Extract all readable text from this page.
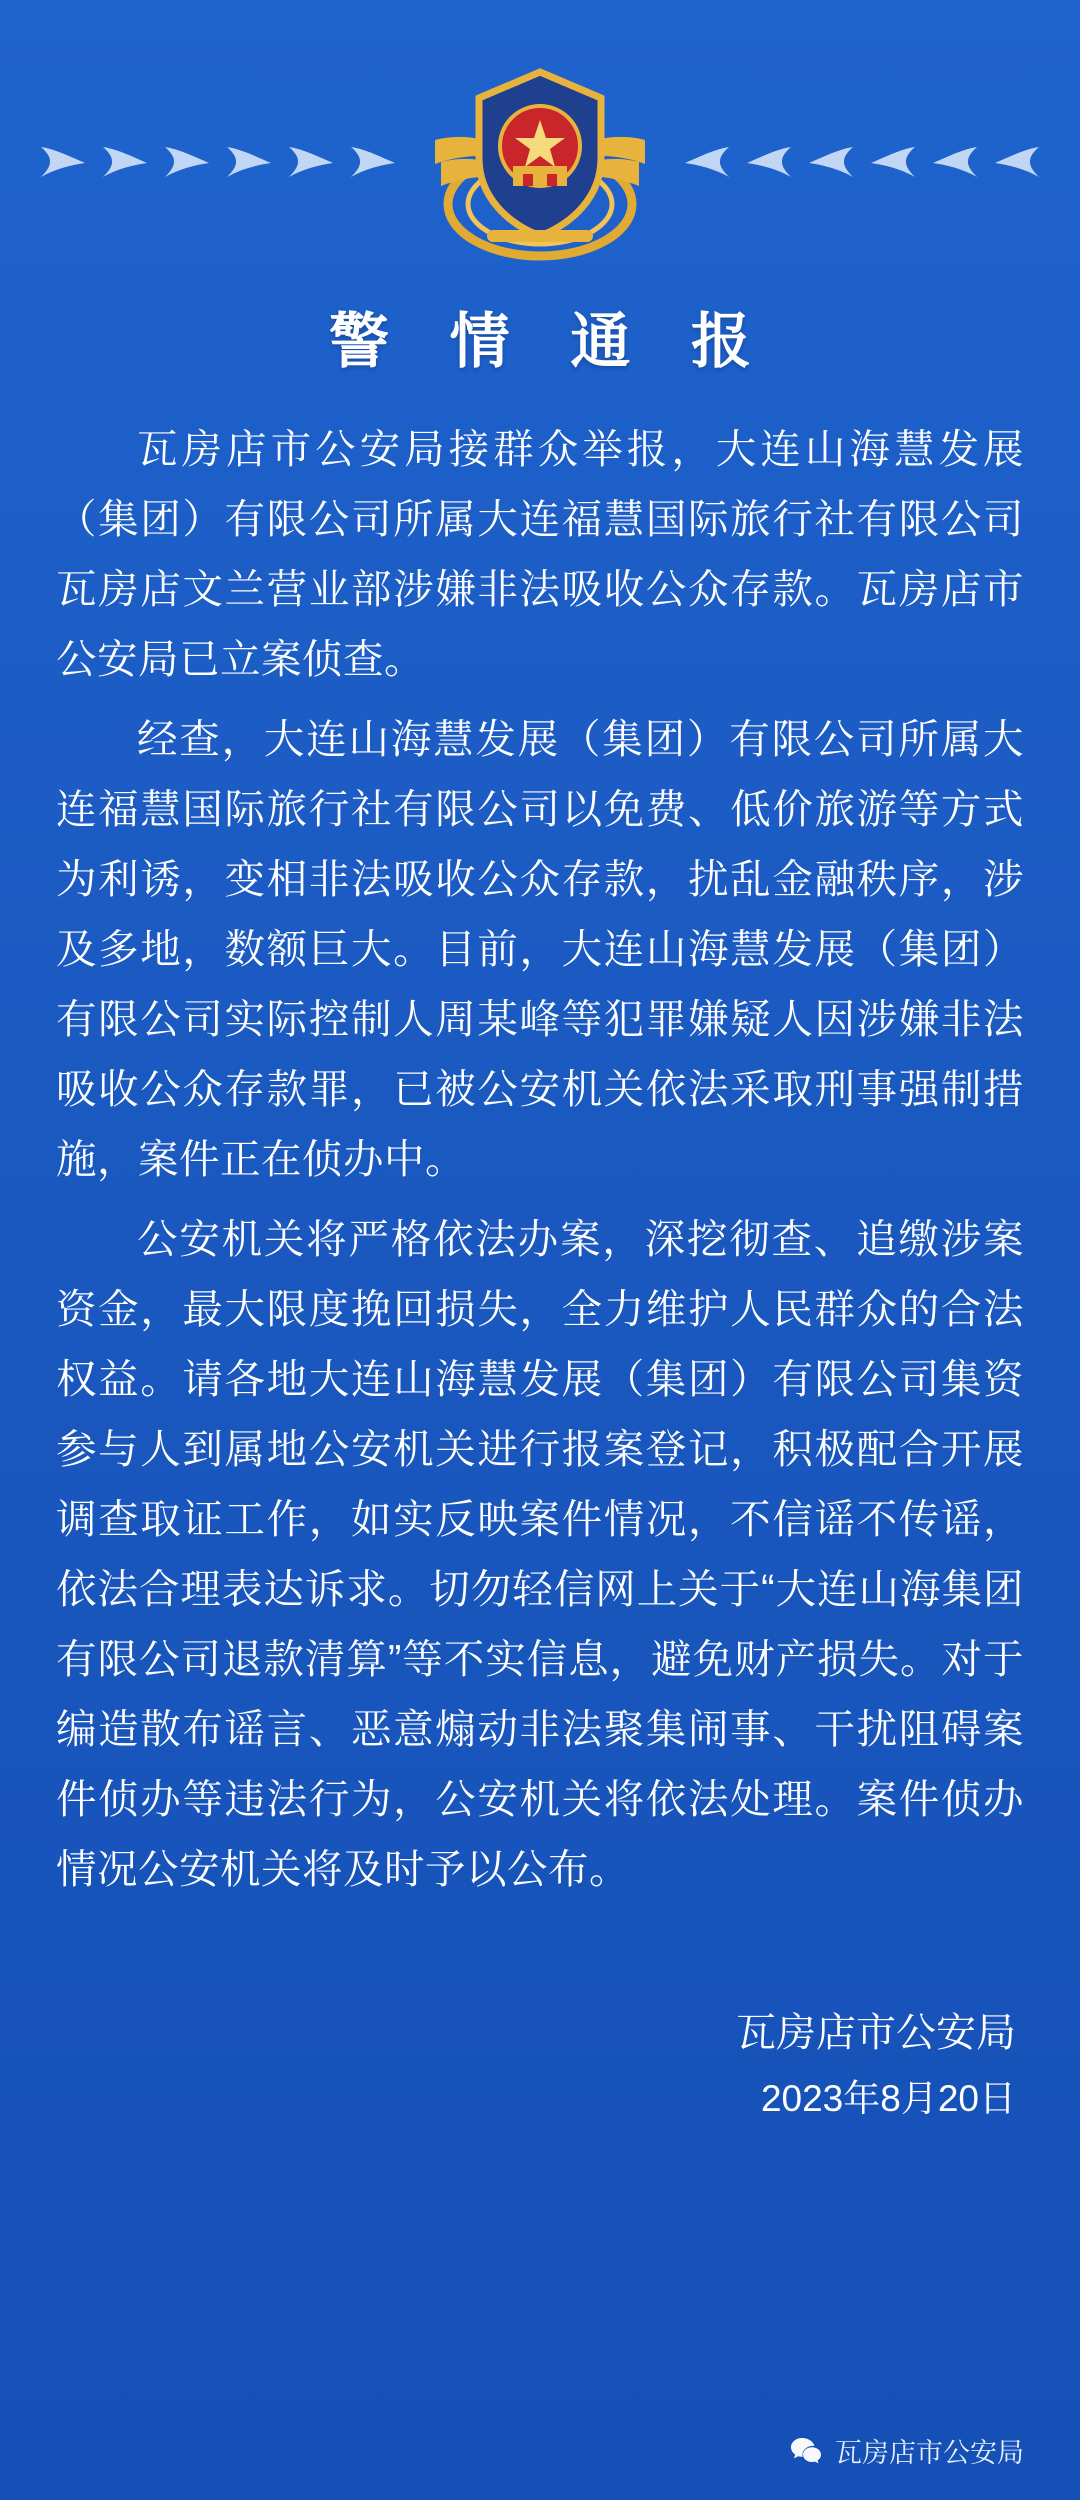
警 情 通 报

瓦房店市公安局接群众举报，大连山海慧发展（集团）有限公司所属大连福慧国际旅行社有限公司瓦房店文兰营业部涉嫌非法吸收公众存款。瓦房店市公安局已立案侦查。

经查，大连山海慧发展（集团）有限公司所属大连福慧国际旅行社有限公司以免费、低价旅游等方式为利诱，变相非法吸收公众存款，扰乱金融秩序，涉及多地，数额巨大。目前，大连山海慧发展（集团）有限公司实际控制人周某峰等犯罪嫌疑人因涉嫌非法吸收公众存款罪，已被公安机关依法采取刑事强制措施，案件正在侦办中。

公安机关将严格依法办案，深挖彻查、追缴涉案资金，最大限度挽回损失，全力维护人民群众的合法权益。请各地大连山海慧发展（集团）有限公司集资参与人到属地公安机关进行报案登记，积极配合开展调查取证工作，如实反映案件情况，不信谣不传谣，依法合理表达诉求。切勿轻信网上关于“大连山海集团有限公司退款清算”等不实信息，避免财产损失。对于编造散布谣言、恶意煽动非法聚集闹事、干扰阻碍案件侦办等违法行为，公安机关将依法处理。案件侦办情况公安机关将及时予以公布。

瓦房店市公安局
2023年8月20日
瓦房店市公安局
